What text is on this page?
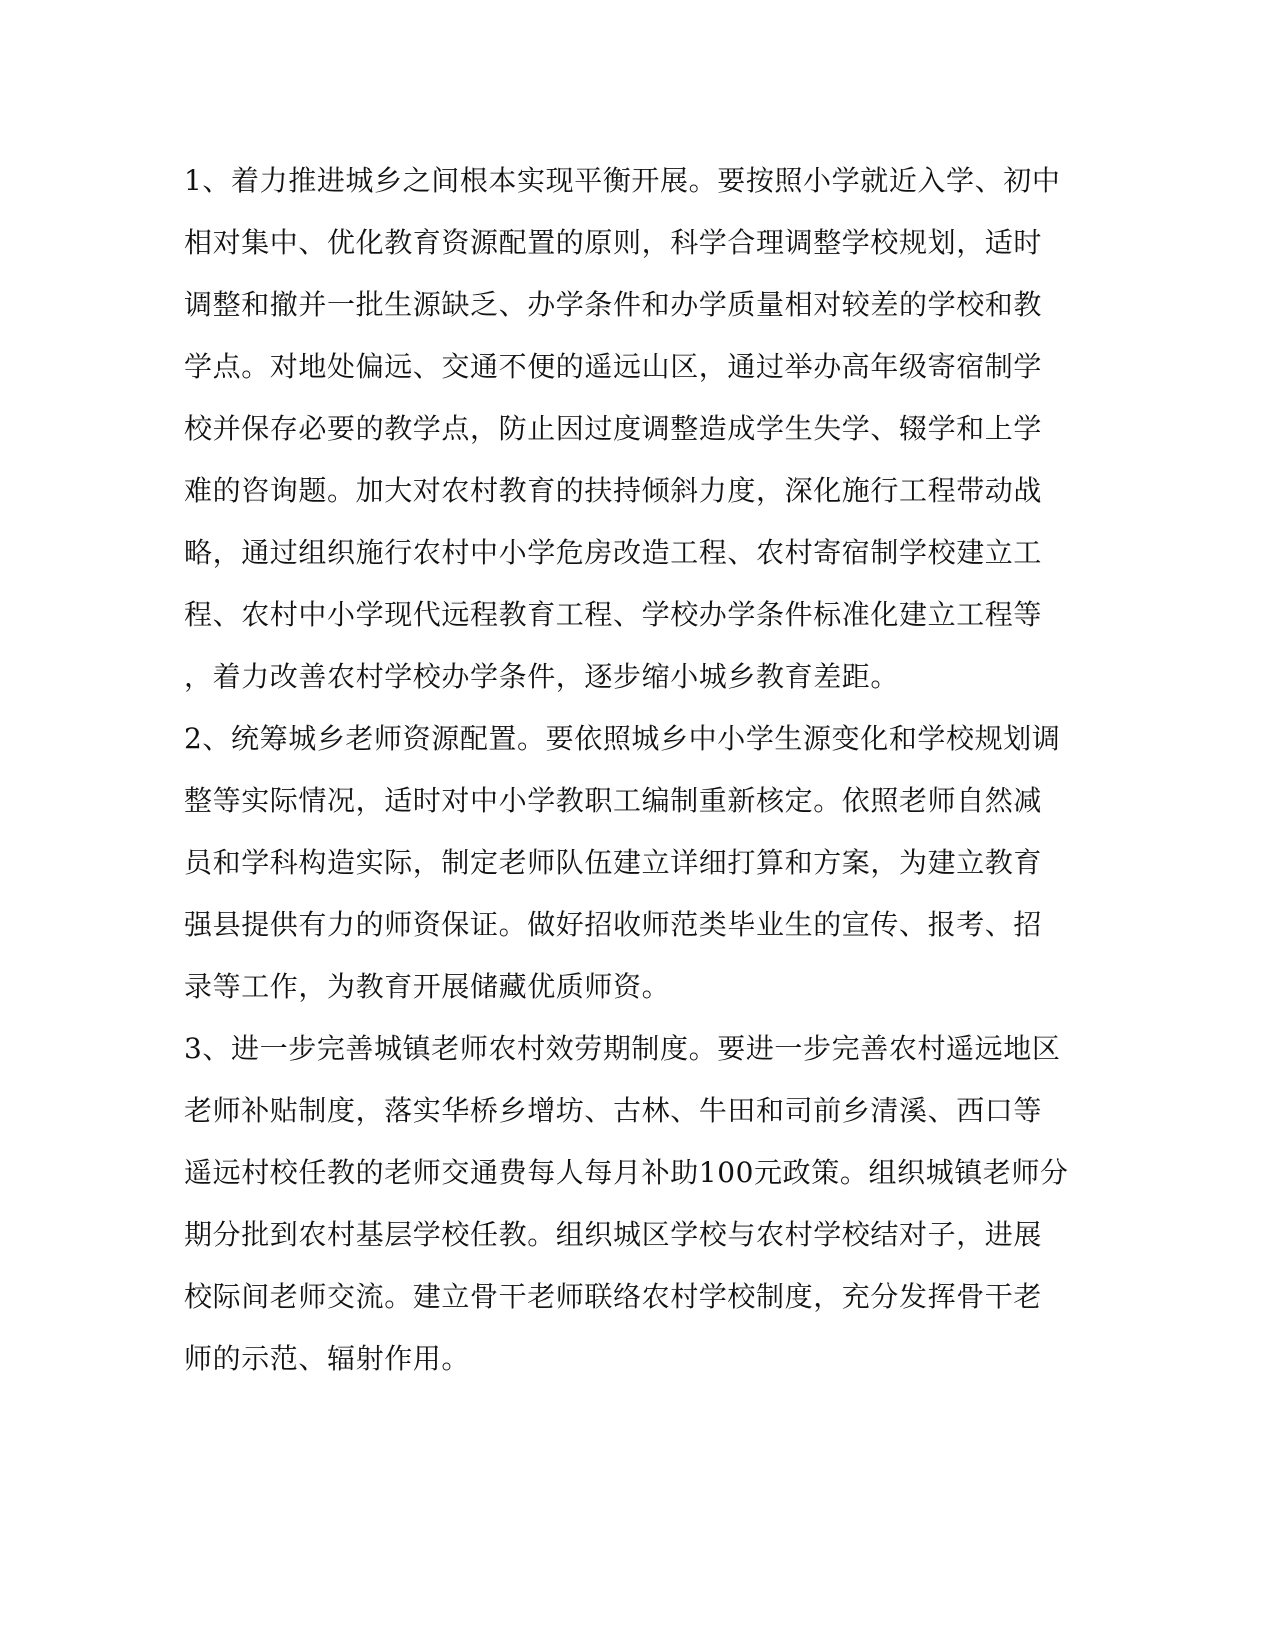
1、着力推进城乡之间根本实现平衡开展。要按照小学就近入学、初中
相对集中、优化教育资源配置的原则，科学合理调整学校规划，适时
调整和撤并一批生源缺乏、办学条件和办学质量相对较差的学校和教
学点。对地处偏远、交通不便的遥远山区，通过举办高年级寄宿制学
校并保存必要的教学点，防止因过度调整造成学生失学、辍学和上学
难的咨询题。加大对农村教育的扶持倾斜力度，深化施行工程带动战
略，通过组织施行农村中小学危房改造工程、农村寄宿制学校建立工
程、农村中小学现代远程教育工程、学校办学条件标准化建立工程等
，着力改善农村学校办学条件，逐步缩小城乡教育差距。
2、统筹城乡老师资源配置。要依照城乡中小学生源变化和学校规划调
整等实际情况，适时对中小学教职工编制重新核定。依照老师自然减
员和学科构造实际，制定老师队伍建立详细打算和方案，为建立教育
强县提供有力的师资保证。做好招收师范类毕业生的宣传、报考、招
录等工作，为教育开展储藏优质师资。
3、进一步完善城镇老师农村效劳期制度。要进一步完善农村遥远地区
老师补贴制度，落实华桥乡增坊、古林、牛田和司前乡清溪、西口等
遥远村校任教的老师交通费每人每月补助100元政策。组织城镇老师分
期分批到农村基层学校任教。组织城区学校与农村学校结对子，进展
校际间老师交流。建立骨干老师联络农村学校制度，充分发挥骨干老
师的示范、辐射作用。
